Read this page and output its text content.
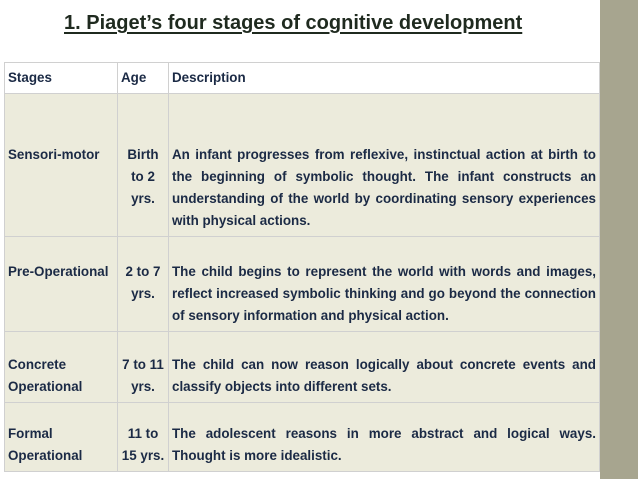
1. Piaget’s four stages of cognitive development
Stages	Age	Description
Sensori-motor	Birth to 2 yrs.	An infant progresses from reflexive, instinctual action at birth to the beginning of symbolic thought. The infant constructs an understanding of the world by coordinating sensory experiences with physical actions.
Pre-Operational	2 to 7 yrs.	The child begins to represent the world with words and images, reflect increased symbolic thinking and go beyond the connection of sensory information and physical action.
Concrete Operational	7 to 11 yrs.	The child can now reason logically about concrete events and classify objects into different sets.
Formal Operational	11 to 15 yrs.	The adolescent reasons in more abstract and logical ways. Thought is more idealistic.
